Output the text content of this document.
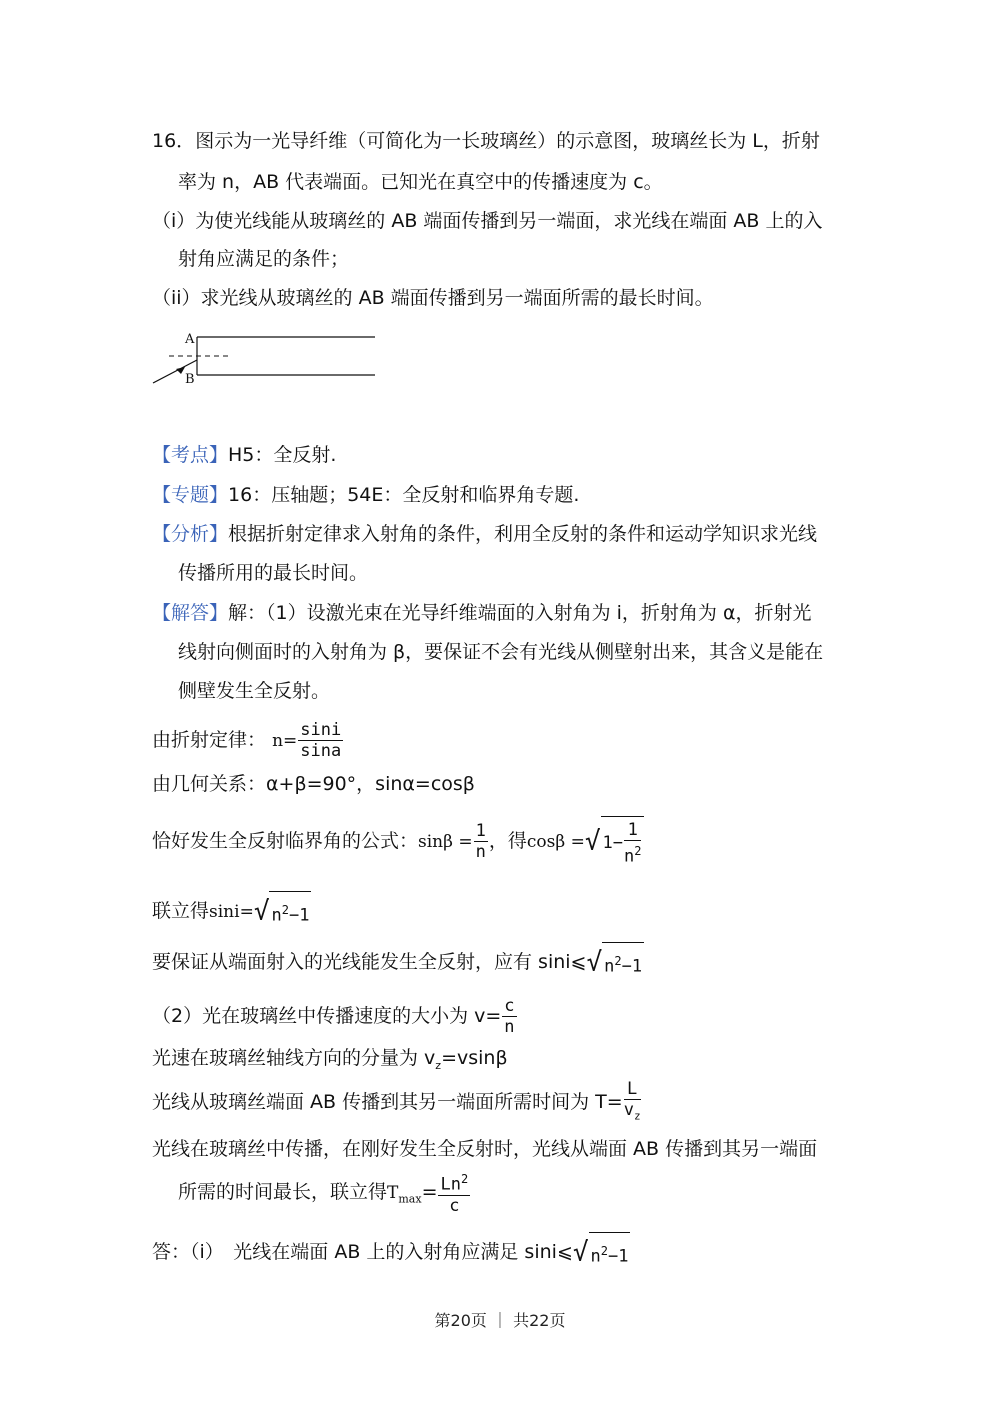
16．图示为一光导纤维（可简化为一长玻璃丝）的示意图，玻璃丝长为 L，折射
率为 n，AB 代表端面。已知光在真空中的传播速度为 c。
（i）为使光线能从玻璃丝的 AB 端面传播到另一端面，求光线在端面 AB 上的入
射角应满足的条件；
（ii）求光线从玻璃丝的 AB 端面传播到另一端面所需的最长时间。
A
B
【考点】H5：全反射.
【专题】16：压轴题；54E：全反射和临界角专题.
【分析】根据折射定律求入射角的条件，利用全反射的条件和运动学知识求光线
传播所用的最长时间。
【解答】解：（1）设激光束在光导纤维端面的入射角为 i，折射角为 α，折射光
线射向侧面时的入射角为 β，要保证不会有光线从侧壁射出来，其含义是能在
侧壁发生全反射。
由折射定律： $n= \frac{\sin i}{\sin a}$
由几何关系：α+β=90°，sinα=cosβ
恰好发生全反射临界角的公式：$\sin\beta = \frac{1}{n}$ ，得cosβ =√ $1- \frac{1}{n^2}$
联立得sini=√ $n^2-1$
要保证从端面射入的光线能发生全反射，应有 sini⩽√ $n^2-1$
（2）光在玻璃丝中传播速度的大小为 $v= \frac{c}{n}$
光速在玻璃丝轴线方向的分量为 $v_z=vsin\beta$
光线从玻璃丝端面 AB 传播到其另一端面所需时间为 $T= \frac{L}{v_z}$
光线在玻璃丝中传播，在刚好发生全反射时，光线从端面 AB 传播到其另一端面
所需的时间最长，联立得$T_{max}= \frac{Ln^2}{c}$
答：（i）　光线在端面 AB 上的入射角应满足 sini⩽√ $n^2-1$
第20页 ｜ 共22页
